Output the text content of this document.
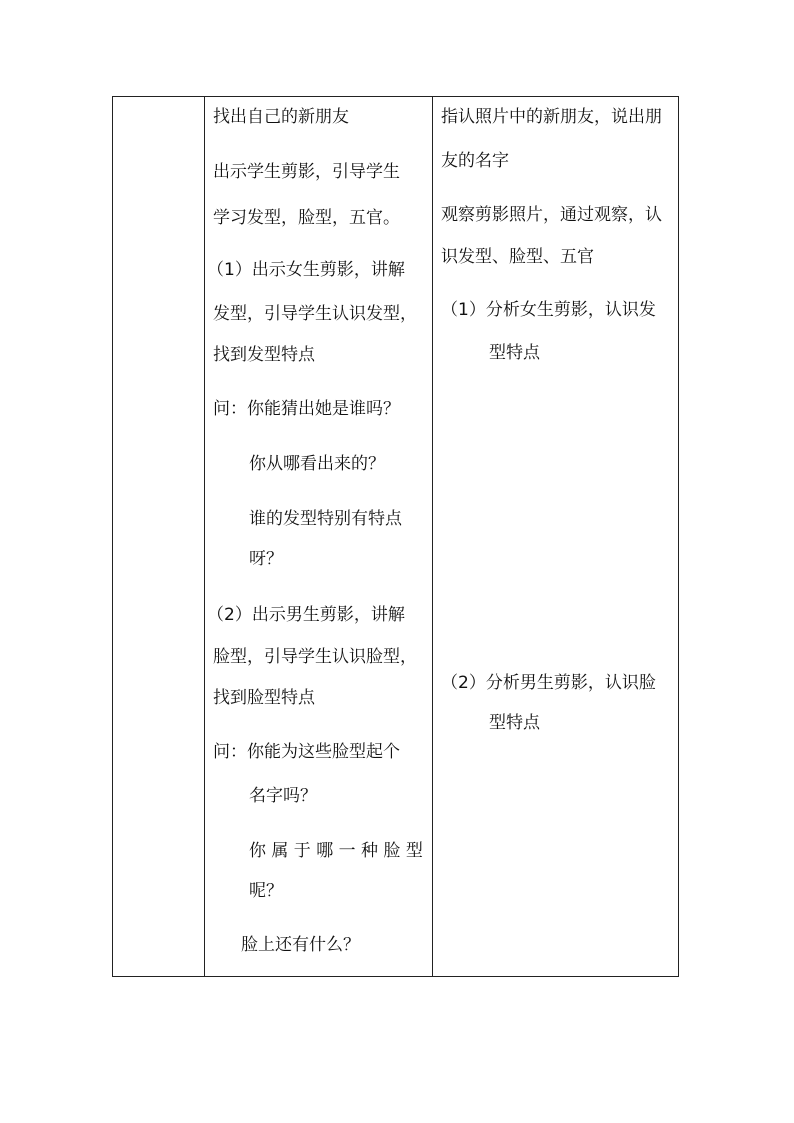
找出自己的新朋友
出示学生剪影，引导学生
学习发型，脸型，五官。
（1）出示女生剪影，讲解
发型，引导学生认识发型，
找到发型特点
问：你能猜出她是谁吗？
你从哪看出来的？
谁的发型特别有特点
呀？
（2）出示男生剪影，讲解
脸型，引导学生认识脸型，
找到脸型特点
问：你能为这些脸型起个
名字吗？
你 属 于 哪 一 种 脸 型
呢？
脸上还有什么？
指认照片中的新朋友，说出朋
友的名字
观察剪影照片，通过观察，认
识发型、脸型、五官
（1）分析女生剪影，认识发
型特点
（2）分析男生剪影，认识脸
型特点
